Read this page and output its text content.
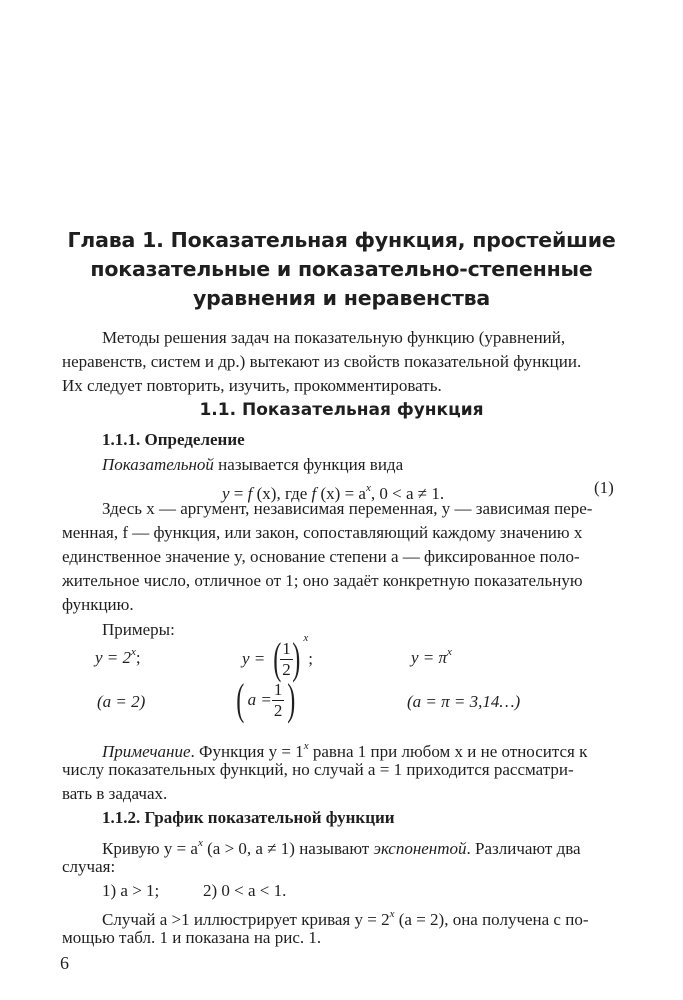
Глава 1. Показательная функция, простейшие
показательные и показательно-степенные
уравнения и неравенства
Методы решения задач на показательную функцию (уравнений,
неравенств, систем и др.) вытекают из свойств показательной функции.
Их следует повторить, изучить, прокомментировать.
1.1. Показательная функция
1.1.1. Определение
Показательной называется функция вида
y = f (x), где f $(x) = a^x$, 0 < a ≠ 1.	(1)
Здесь x — аргумент, независимая переменная, y — зависимая пере-
менная, f — функция, или закон, сопоставляющий каждому значению x
единственное значение y, основание степени a — фиксированное поло-
жительное число, отличное от 1; оно задаёт конкретную показательную
функцию.
Примеры:
$y = 2^x$;	y = ( $\frac{1}{2}$ ) $^x$;	$y = \pi^x$
(a = 2) ( $a = \frac{1}{2}$ )	(a = π = 3,14…)
Примечание. Функция $y = 1^x$ равна 1 при любом x и не относится к
числу показательных функций, но случай a = 1 приходится рассматри-
вать в задачах.
1.1.2. График показательной функции
Кривую $y = a^x$ (a > 0, a ≠ 1) называют экспонентой. Различают два
случая:
1) a > 1;	2) 0 < a < 1.
Случай a >1 иллюстрирует кривая $y = 2^x$ (a = 2), она получена с по-
мощью табл. 1 и показана на рис. 1.
6
